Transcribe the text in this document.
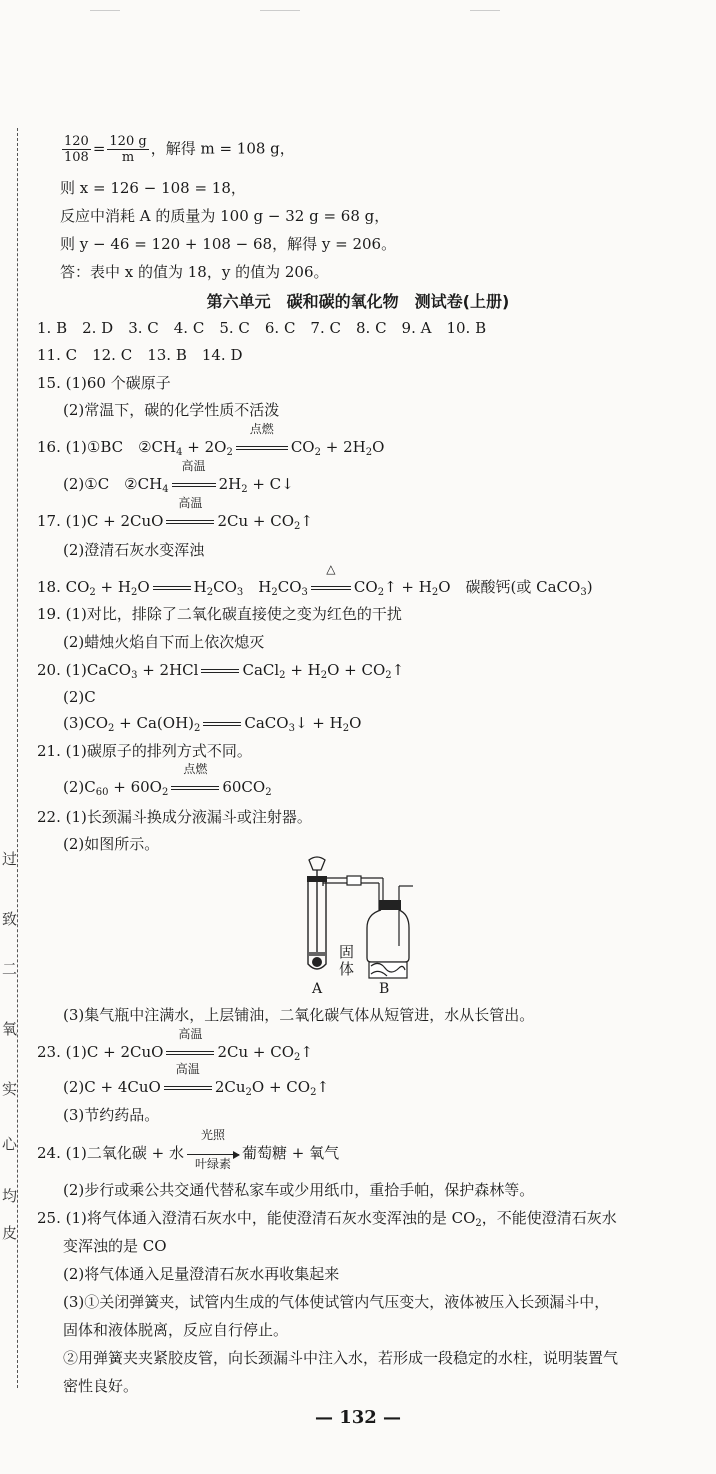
过
致
二
氧
实
心
均
皮
$\frac{120}{108} = \frac{120 g}{m}$ ，解得 m = 108 g，
则 x = 126 − 108 = 18，
反应中消耗 A 的质量为 100 g − 32 g = 68 g，
则 y − 46 = 120 + 108 − 68，解得 y = 206。
答：表中 x 的值为 18，y 的值为 206。
第六单元　碳和碳的氧化物　测试卷(上册)
1. B　2. D　3. C　4. C　5. C　6. C　7. C　8. C　9. A　10. B
11. C　12. C　13. B　14. D
15. (1)60 个碳原子
(2)常温下，碳的化学性质不活泼
16. (1)①BC　$②CH_4 + 2O_2$
点燃
$CO_2 + 2H_2O$
(2)①C　$②CH_4$
高温
$2H_2$ + C↓
17. (1)C + 2CuO
高温
$2Cu + CO_2↑$
(2)澄清石灰水变浑浊
18. $CO_2 + H_2O$	$H_2CO_3$　$H_2CO_3$
△
$CO_2↑ + H_2O$　碳酸钙(或 CaCO$_3$)
19. (1)对比，排除了二氧化碳直接使之变为红色的干扰
(2)蜡烛火焰自下而上依次熄灭
20. (1)CaCO$_3$ + 2HCl	CaCl$_2$ + $H_2O$ + $CO_2↑$
(2)C
$(3)CO_2 + Ca(OH)_2$	CaCO$_3$↓ + $H_2O$
21. (1)碳原子的排列方式不同。
$(2)C_{60} + 60O_2$
点燃
$60CO_2$
22. (1)长颈漏斗换成分液漏斗或注射器。
(2)如图所示。
固体
A	B
(3)集气瓶中注满水，上层铺油，二氧化碳气体从短管进，水从长管出。
23. (1)C + 2CuO
高温
$2Cu + CO_2↑$
(2)C + 4CuO
高温
$2Cu_2O$ + $CO_2↑$
(3)节约药品。
24. (1)二氧化碳 + 水
光照
叶绿素
葡萄糖 + 氧气
(2)步行或乘公共交通代替私家车或少用纸巾，重拾手帕，保护森林等。
25. (1)将气体通入澄清石灰水中，能使澄清石灰水变浑浊的是 $CO_2$，不能使澄清石灰水
变浑浊的是 CO
(2)将气体通入足量澄清石灰水再收集起来
(3)①关闭弹簧夹，试管内生成的气体使试管内气压变大，液体被压入长颈漏斗中，
固体和液体脱离，反应自行停止。
②用弹簧夹夹紧胶皮管，向长颈漏斗中注入水，若形成一段稳定的水柱，说明装置气
密性良好。
— 132 —
